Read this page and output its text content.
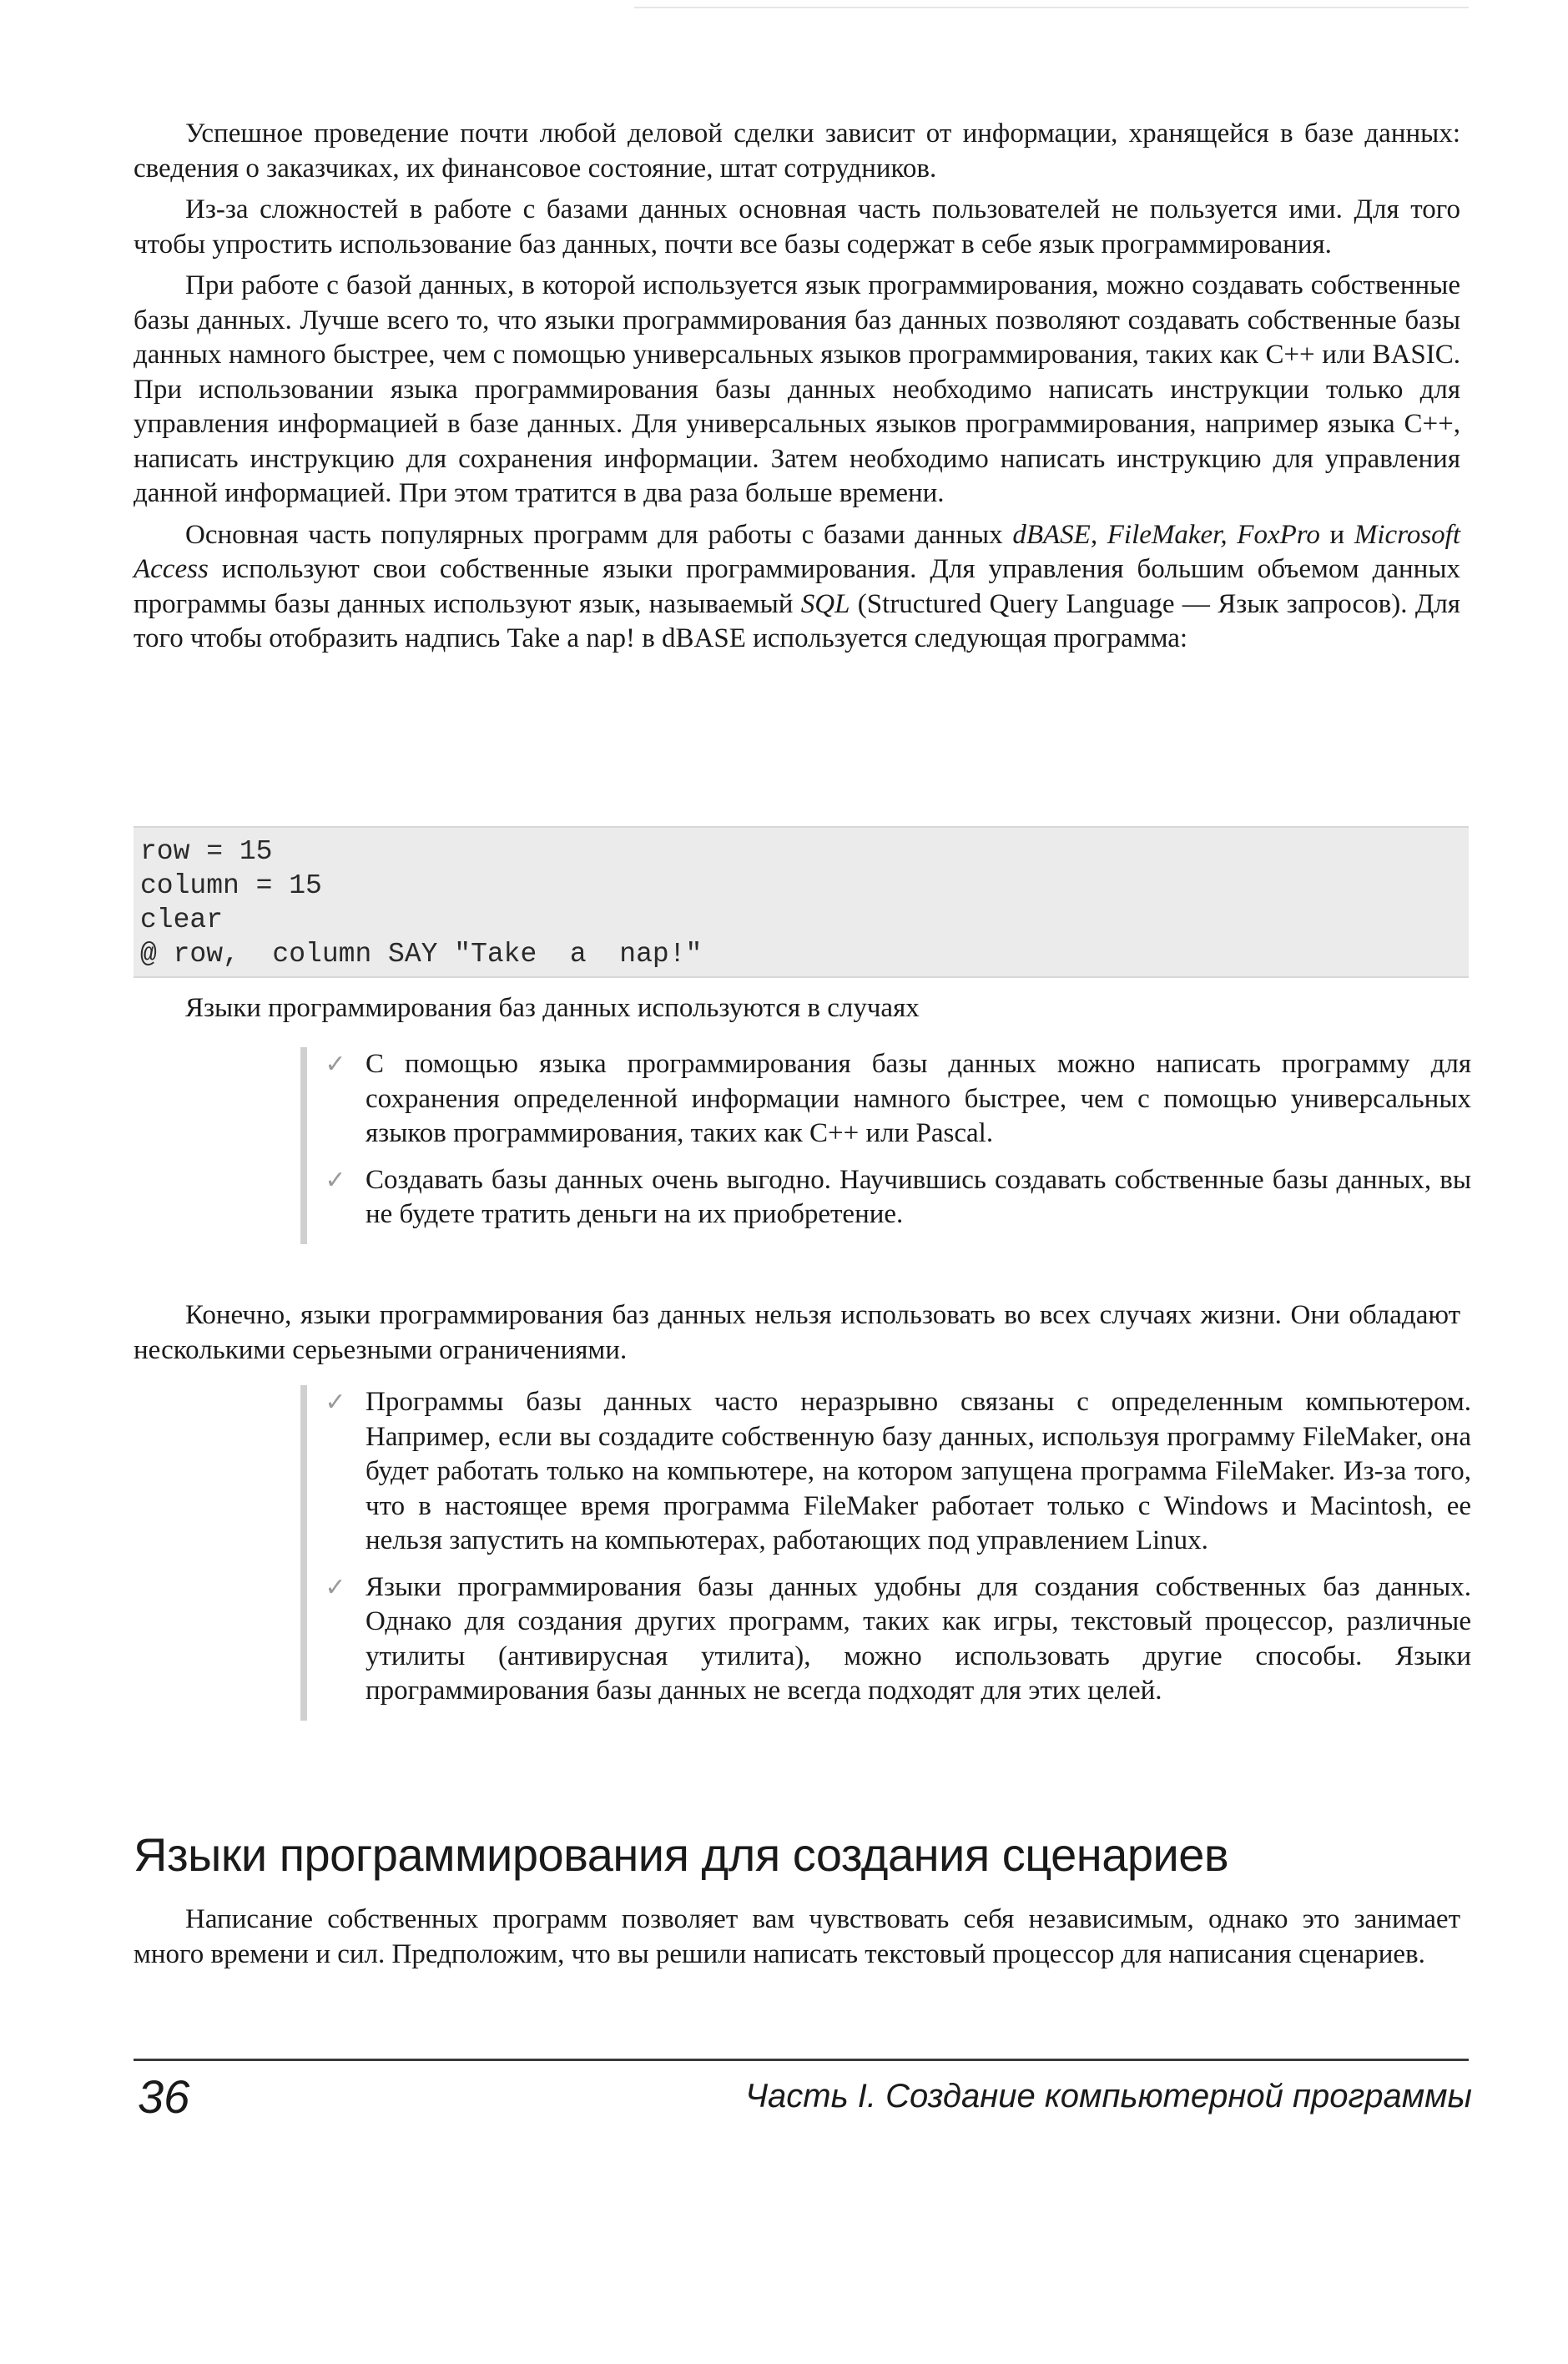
Успешное проведение почти любой деловой сделки зависит от информации, хранящейся в базе данных: сведения о заказчиках, их финансовое состояние, штат сотрудников.

Из-за сложностей в работе с базами данных основная часть пользователей не пользуется ими. Для того чтобы упростить использование баз данных, почти все базы содержат в себе язык программирования.

При работе с базой данных, в которой используется язык программирования, можно создавать собственные базы данных. Лучше всего то, что языки программирования баз данных позволяют создавать собственные базы данных намного быстрее, чем с помощью универсальных языков программирования, таких как C++ или BASIC. При использовании языка программирования базы данных необходимо написать инструкции только для управления информацией в базе данных. Для универсальных языков программирования, например языка C++, написать инструкцию для сохранения информации. Затем необходимо написать инструкцию для управления данной информацией. При этом тратится в два раза больше времени.

Основная часть популярных программ для работы с базами данных dBASE, FileMaker, FoxPro и Microsoft Access используют свои собственные языки программирования. Для управления большим объемом данных программы базы данных используют язык, называемый SQL (Structured Query Language — Язык запросов). Для того чтобы отобразить надпись Take a nap! в dBASE используется следующая программа:

row = 15
column = 15
clear
@ row,  column SAY "Take  a  nap!"

Языки программирования баз данных используются в случаях

✓ С помощью языка программирования базы данных можно написать программу для сохранения определенной информации намного быстрее, чем с помощью универсальных языков программирования, таких как C++ или Pascal.
✓ Создавать базы данных очень выгодно. Научившись создавать собственные базы данных, вы не будете тратить деньги на их приобретение.

Конечно, языки программирования баз данных нельзя использовать во всех случаях жизни. Они обладают несколькими серьезными ограничениями.

✓ Программы базы данных часто неразрывно связаны с определенным компьютером. Например, если вы создадите собственную базу данных, используя программу FileMaker, она будет работать только на компьютере, на котором запущена программа FileMaker. Из-за того, что в настоящее время программа FileMaker работает только с Windows и Macintosh, ее нельзя запустить на компьютерах, работающих под управлением Linux.
✓ Языки программирования базы данных удобны для создания собственных баз данных. Однако для создания других программ, таких как игры, текстовый процессор, различные утилиты (антивирусная утилита), можно использовать другие способы. Языки программирования базы данных не всегда подходят для этих целей.
Языки программирования для создания сценариев

Написание собственных программ позволяет вам чувствовать себя независимым, однако это занимает много времени и сил. Предположим, что вы решили написать текстовый процессор для написания сценариев.

36	Часть I. Создание компьютерной программы
